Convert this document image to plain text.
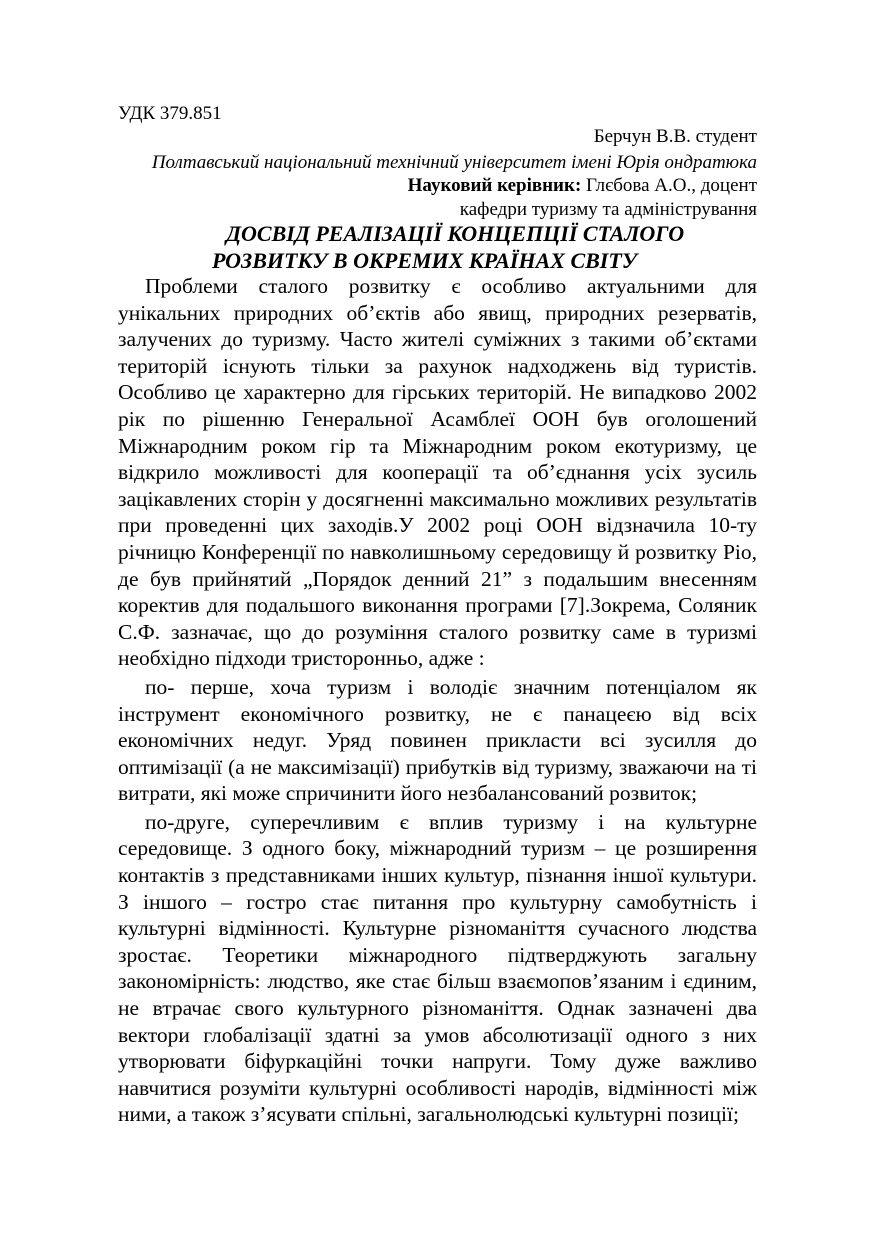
УДК 379.851
Берчун В.В. студент
Полтавський національний технічний університет імені Юрія ондратюка
Науковий керівник: Глєбова А.О., доцент
кафедри туризму та адміністрування
ДОСВІД РЕАЛІЗАЦІЇ КОНЦЕПЦІЇ СТАЛОГО
РОЗВИТКУ В ОКРЕМИХ КРАЇНАХ СВІТУ

Проблеми сталого розвитку є особливо актуальними для унікальних природних об’єктів або явищ, природних резерватів, залучених до туризму. Часто жителі суміжних з такими об’єктами територій існують тільки за рахунок надходжень від туристів. Особливо це характерно для гірських територій. Не випадково 2002 рік по рішенню Генеральної Асамблеї ООН був оголошений Міжнародним роком гір та Міжнародним роком екотуризму, це відкрило можливості для кооперації та об’єднання усіх зусиль зацікавлених сторін у досягненні максимально можливих результатів при проведенні цих заходів.У 2002 році ООН відзначила 10-ту річницю Конференції по навколишньому середовищу й розвитку Ріо, де був прийнятий „Порядок денний 21” з подальшим внесенням коректив для подальшого виконання програми [7].Зокрема, Соляник С.Ф. зазначає, що до розуміння сталого розвитку саме в туризмі необхідно підходи тристоронньо, адже :

по- перше, хоча туризм і володіє значним потенціалом як інструмент економічного розвитку, не є панацеєю від всіх економічних недуг. Уряд повинен прикласти всі зусилля до оптимізації (а не максимізації) прибутків від туризму, зважаючи на ті витрати, які може спричинити його незбалансований розвиток;

по-друге, суперечливим є вплив туризму і на культурне середовище. З одного боку, міжнародний туризм – це розширення контактів з представниками інших культур, пізнання іншої культури. З іншого – гостро стає питання про культурну самобутність і культурні відмінності. Культурне різноманіття сучасного людства зростає. Теоретики міжнародного підтверджують загальну закономірність: людство, яке стає більш взаємопов’язаним і єдиним, не втрачає свого культурного різноманіття. Однак зазначені два вектори глобалізації здатні за умов абсолютизації одного з них утворювати біфуркаційні точки напруги. Тому дуже важливо навчитися розуміти культурні особливості народів, відмінності між ними, а також з’ясувати спільні, загальнолюдські культурні позиції;
